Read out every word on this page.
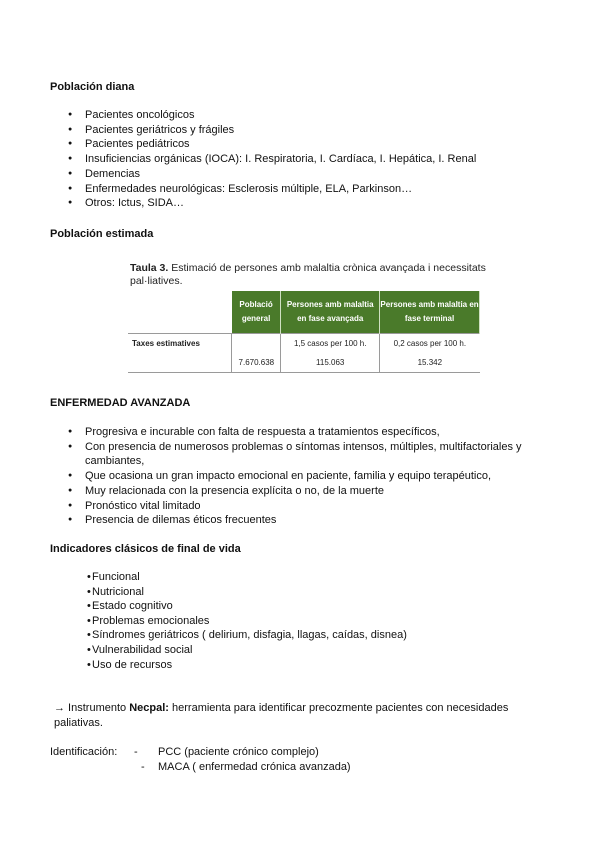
Población diana
● Pacientes oncológicos
● Pacientes geriátricos y frágiles
● Pacientes pediátricos
● Insuficiencias orgánicas (IOCA): I. Respiratoria, I. Cardíaca, I. Hepática, I. Renal
● Demencias
● Enfermedades neurológicas: Esclerosis múltiple, ELA, Parkinson…
● Otros: Ictus, SIDA…
Población estimada
Taula 3. Estimació de persones amb malaltia crònica avançada i necessitats pal·liatives.
	Població general	Persones amb malaltia en fase avançada	Persones amb malaltia en fase terminal
Taxes estimatives		1,5 casos per 100 h.	0,2 casos per 100 h.
	7.670.638	115.063	15.342
ENFERMEDAD AVANZADA
● Progresiva e incurable con falta de respuesta a tratamientos específicos,
● Con presencia de numerosos problemas o síntomas intensos, múltiples, multifactoriales y cambiantes,
● Que ocasiona un gran impacto emocional en paciente, familia y equipo terapéutico,
● Muy relacionada con la presencia explícita o no, de la muerte
● Pronóstico vital limitado
● Presencia de dilemas éticos frecuentes
Indicadores clásicos de final de vida
• Funcional
• Nutricional
• Estado cognitivo
• Problemas emocionales
• Síndromes geriátricos ( delirium, disfagia, llagas, caídas, disnea)
• Vulnerabilidad social
• Uso de recursos
→ Instrumento Necpal: herramienta para identificar precozmente pacientes con necesidades paliativas.
Identificación: - PCC (paciente crónico complejo)
- MACA ( enfermedad crónica avanzada)
